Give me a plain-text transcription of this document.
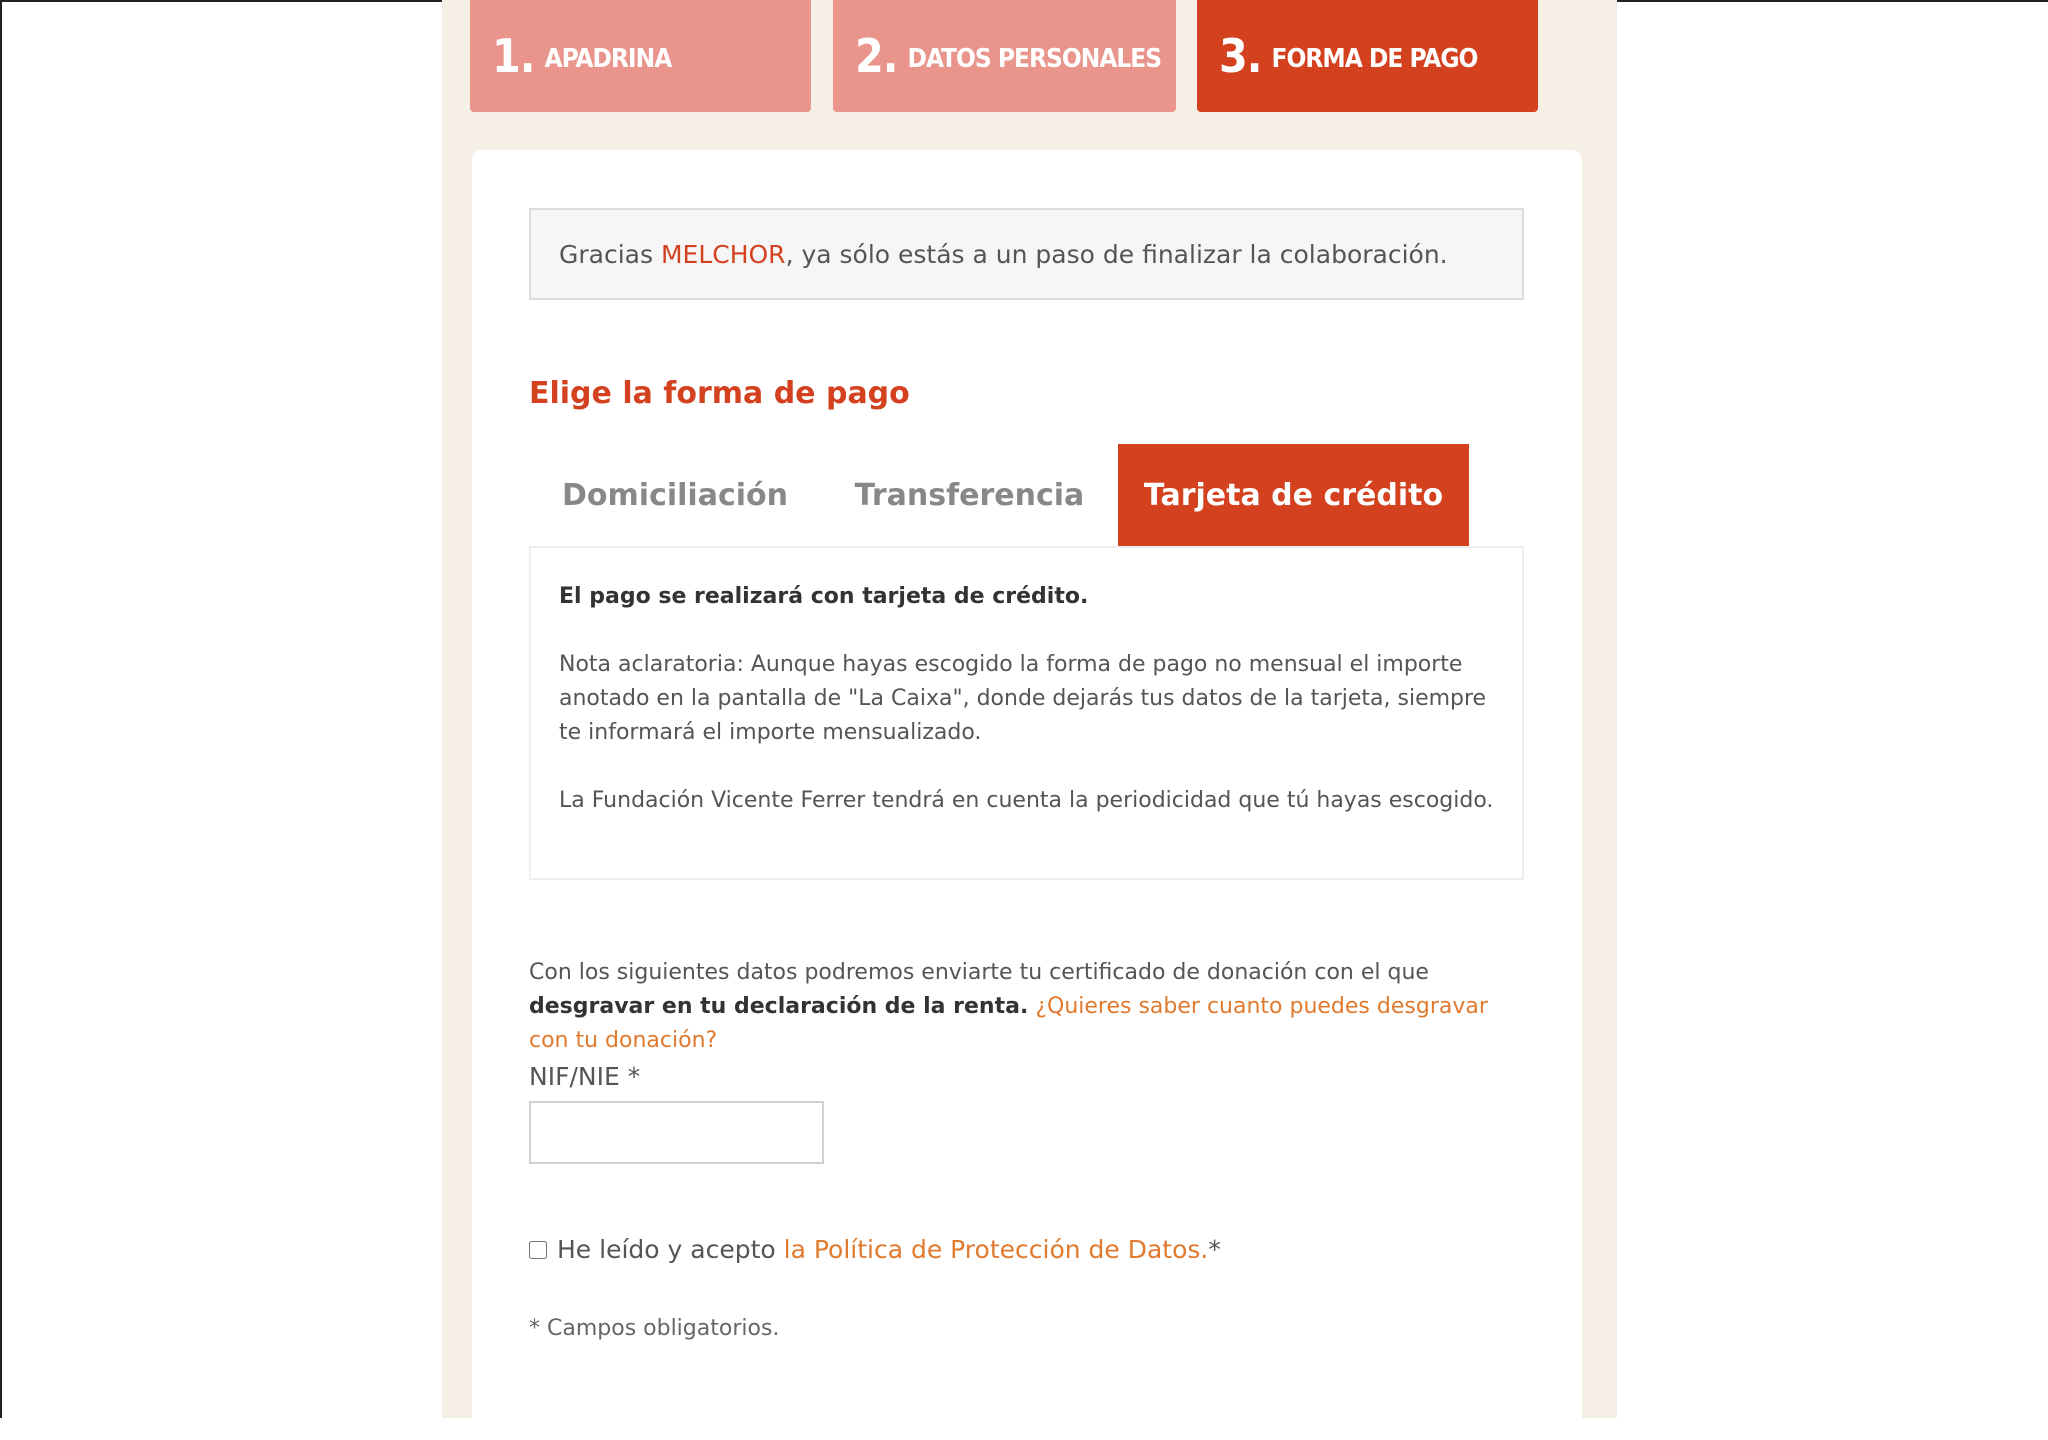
1. APADRINA	2. DATOS PERSONALES 3. FORMA DE PAGO
Gracias MELCHOR , ya sólo estás a un paso de finalizar la colaboración.
Elige la forma de pago
Domiciliación	Transferencia	Tarjeta de crédito

El pago se realizará con tarjeta de crédito.

Nota aclaratoria: Aunque hayas escogido la forma de pago no mensual el importe anotado en la pantalla de "La Caixa", donde dejarás tus datos de la tarjeta, siempre te informará el importe mensualizado.

La Fundación Vicente Ferrer tendrá en cuenta la periodicidad que tú hayas escogido.

Con los siguientes datos podremos enviarte tu certificado de donación con el que desgravar en tu declaración de la renta. ¿Quieres saber cuanto puedes desgravar con tu donación?
NIF/NIE *
He leído y acepto la Política de Protección de Datos. *
* Campos obligatorios.
